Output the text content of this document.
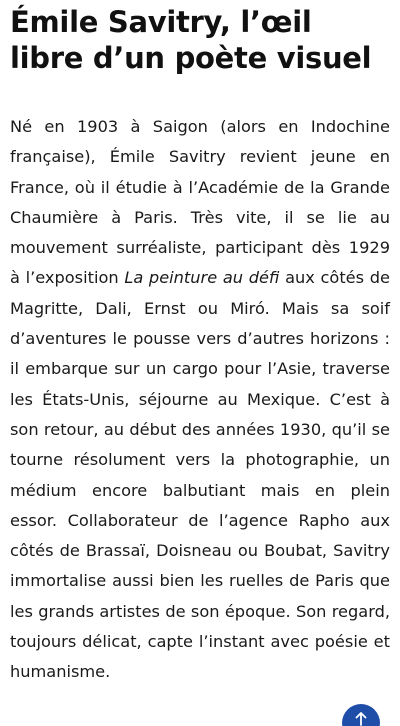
Émile Savitry, l’œil libre d’un poète visuel

Né en 1903 à Saigon (alors en Indochine française), Émile Savitry revient jeune en France, où il étudie à l’Académie de la Grande Chaumière à Paris. Très vite, il se lie au mouvement surréaliste, participant dès 1929 à l’exposition La peinture au défi aux côtés de Magritte, Dali, Ernst ou Miró. Mais sa soif d’aventures le pousse vers d’autres horizons : il embarque sur un cargo pour l’Asie, traverse les États-Unis, séjourne au Mexique. C’est à son retour, au début des années 1930, qu’il se tourne résolument vers la photographie, un médium encore balbutiant mais en plein essor. Collaborateur de l’agence Rapho aux côtés de Brassaï, Doisneau ou Boubat, Savitry immortalise aussi bien les ruelles de Paris que les grands artistes de son époque. Son regard, toujours délicat, capte l’instant avec poésie et humanisme.
